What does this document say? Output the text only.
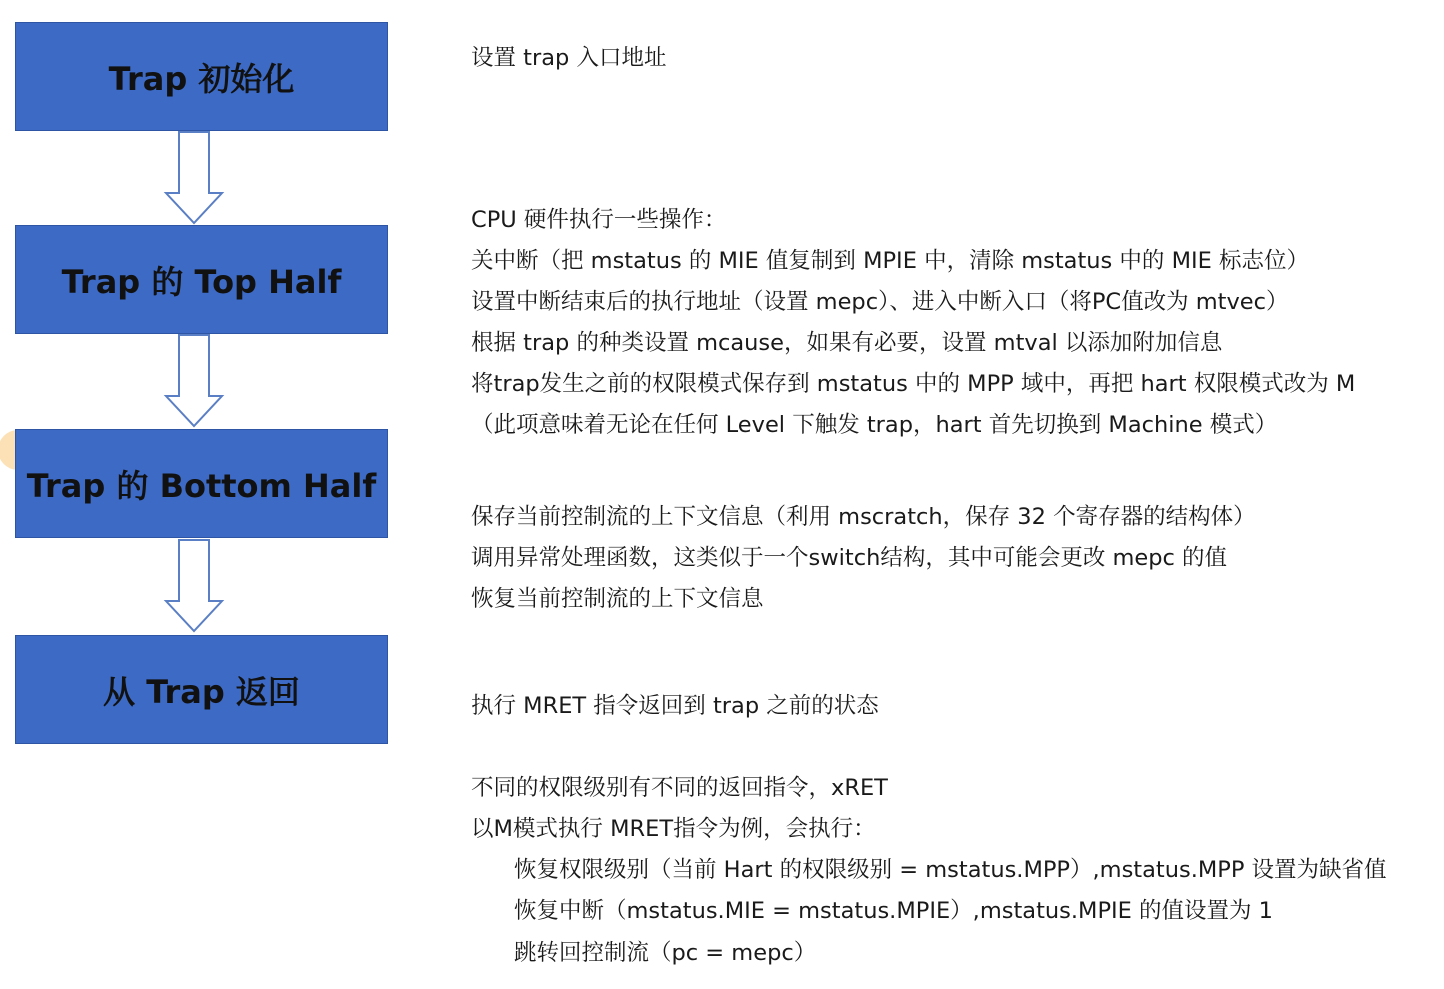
Trap 初始化
Trap 的 Top Half
Trap 的 Bottom Half
从 Trap 返回
设置 trap 入口地址
CPU 硬件执行一些操作：
关中断（把 mstatus 的 MIE 值复制到 MPIE 中，清除 mstatus 中的 MIE 标志位）
设置中断结束后的执行地址（设置 mepc）、进入中断入口（将PC值改为 mtvec）
根据 trap 的种类设置 mcause，如果有必要，设置 mtval 以添加附加信息
将trap发生之前的权限模式保存到 mstatus 中的 MPP 域中，再把 hart 权限模式改为 M
（此项意味着无论在任何 Level 下触发 trap，hart 首先切换到 Machine 模式）
保存当前控制流的上下文信息（利用 mscratch，保存 32 个寄存器的结构体）
调用异常处理函数，这类似于一个switch结构，其中可能会更改 mepc 的值
恢复当前控制流的上下文信息
执行 MRET 指令返回到 trap 之前的状态
不同的权限级别有不同的返回指令，xRET
以M模式执行 MRET指令为例，会执行：
恢复权限级别（当前 Hart 的权限级别 = mstatus.MPP）,mstatus.MPP 设置为缺省值
恢复中断（mstatus.MIE = mstatus.MPIE）,mstatus.MPIE 的值设置为 1
跳转回控制流（pc = mepc）
